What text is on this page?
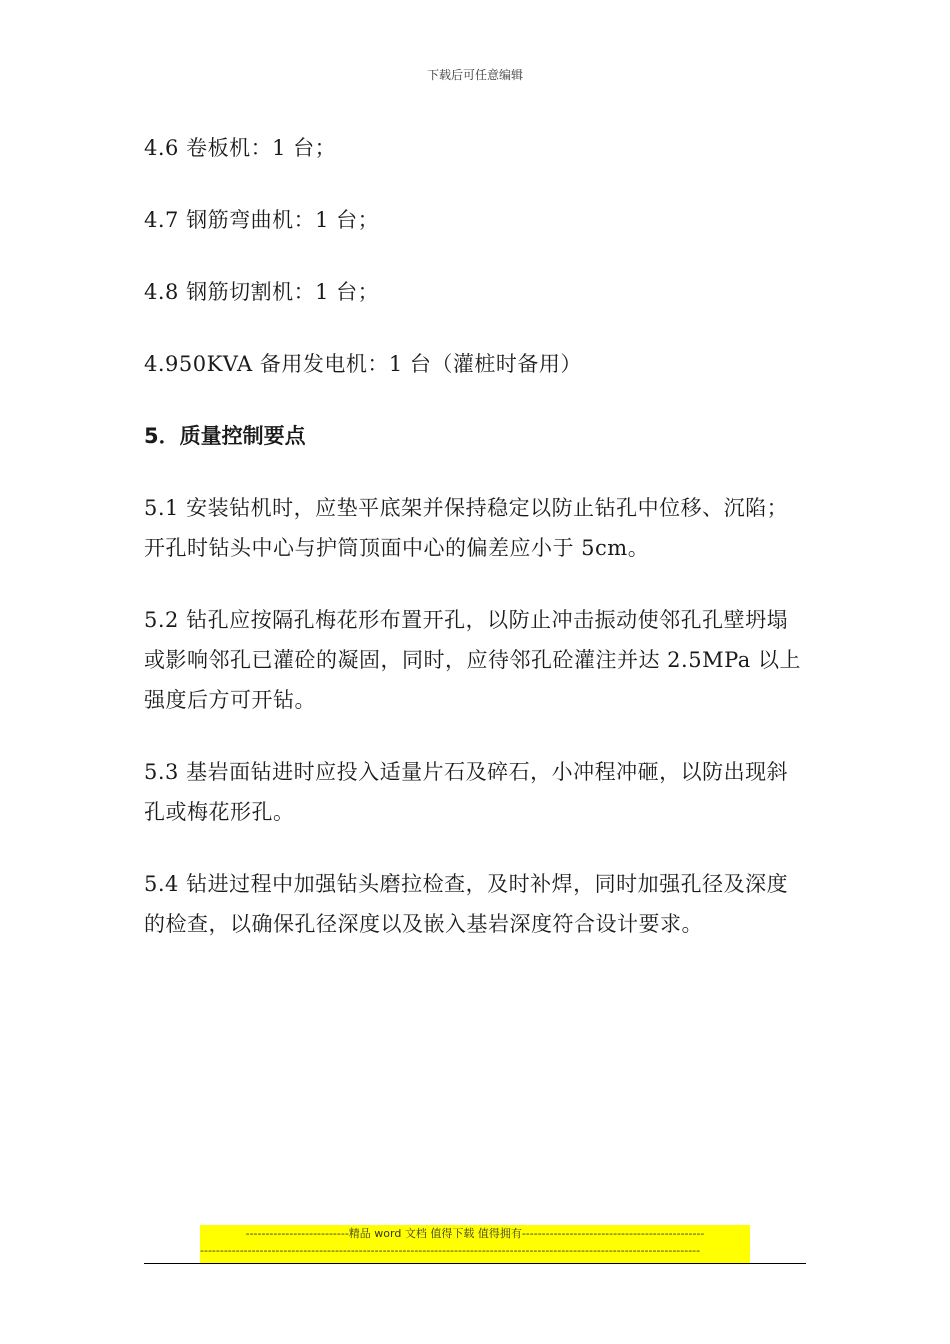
下载后可任意编辑

4.6 卷板机：1 台；

4.7 钢筋弯曲机：1 台；

4.8 钢筋切割机：1 台；

4.950KVA 备用发电机：1 台（灌桩时备用）

5．质量控制要点

5.1 安装钻机时，应垫平底架并保持稳定以防止钻孔中位移、沉陷；开孔时钻头中心与护筒顶面中心的偏差应小于 5cm。

5.2 钻孔应按隔孔梅花形布置开孔，以防止冲击振动使邻孔孔壁坍塌或影响邻孔已灌砼的凝固，同时，应待邻孔砼灌注并达 2.5MPa 以上强度后方可开钻。

5.3 基岩面钻进时应投入适量片石及碎石，小冲程冲砸，以防出现斜孔或梅花形孔。

5.4 钻进过程中加强钻头磨拉检查，及时补焊，同时加强孔径及深度的检查，以确保孔径深度以及嵌入基岩深度符合设计要求。

--------------------------精品 word 文档 值得下载 值得拥有----------------------------------------------
------------------------------------------------------------------------------------------------------------------------------
